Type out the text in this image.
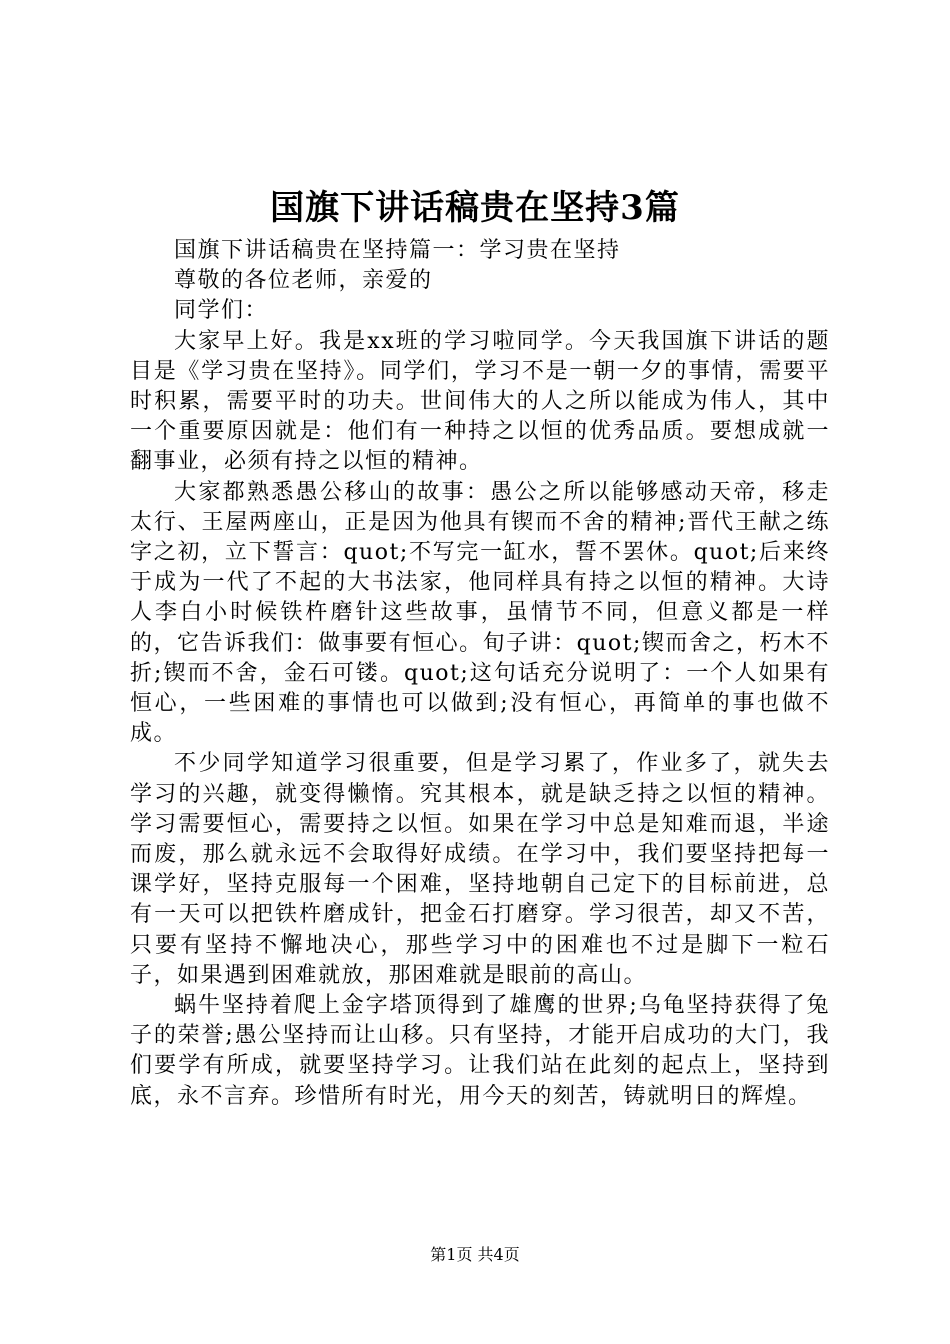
国旗下讲话稿贵在坚持3篇

国旗下讲话稿贵在坚持篇一：学习贵在坚持

尊敬的各位老师，亲爱的

同学们：

大家早上好。我是xx班的学习啦同学。今天我国旗下讲话的题目是《学习贵在坚持》。同学们，学习不是一朝一夕的事情，需要平时积累，需要平时的功夫。世间伟大的人之所以能成为伟人，其中一个重要原因就是：他们有一种持之以恒的优秀品质。要想成就一翻事业，必须有持之以恒的精神。

大家都熟悉愚公移山的故事：愚公之所以能够感动天帝，移走太行、王屋两座山，正是因为他具有锲而不舍的精神;晋代王献之练字之初，立下誓言：quot;不写完一缸水，誓不罢休。quot;后来终于成为一代了不起的大书法家，他同样具有持之以恒的精神。大诗人李白小时候铁杵磨针这些故事，虽情节不同，但意义都是一样的，它告诉我们：做事要有恒心。旬子讲：quot;锲而舍之，朽木不折;锲而不舍，金石可镂。quot;这句话充分说明了：一个人如果有恒心，一些困难的事情也可以做到;没有恒心，再简单的事也做不成。

不少同学知道学习很重要，但是学习累了，作业多了，就失去学习的兴趣，就变得懒惰。究其根本，就是缺乏持之以恒的精神。学习需要恒心，需要持之以恒。如果在学习中总是知难而退，半途而废，那么就永远不会取得好成绩。在学习中，我们要坚持把每一课学好，坚持克服每一个困难，坚持地朝自己定下的目标前进，总有一天可以把铁杵磨成针，把金石打磨穿。学习很苦，却又不苦，只要有坚持不懈地决心，那些学习中的困难也不过是脚下一粒石子，如果遇到困难就放，那困难就是眼前的高山。

蜗牛坚持着爬上金字塔顶得到了雄鹰的世界;乌龟坚持获得了兔子的荣誉;愚公坚持而让山移。只有坚持，才能开启成功的大门，我们要学有所成，就要坚持学习。让我们站在此刻的起点上，坚持到底，永不言弃。珍惜所有时光，用今天的刻苦，铸就明日的辉煌。

第1页 共4页
